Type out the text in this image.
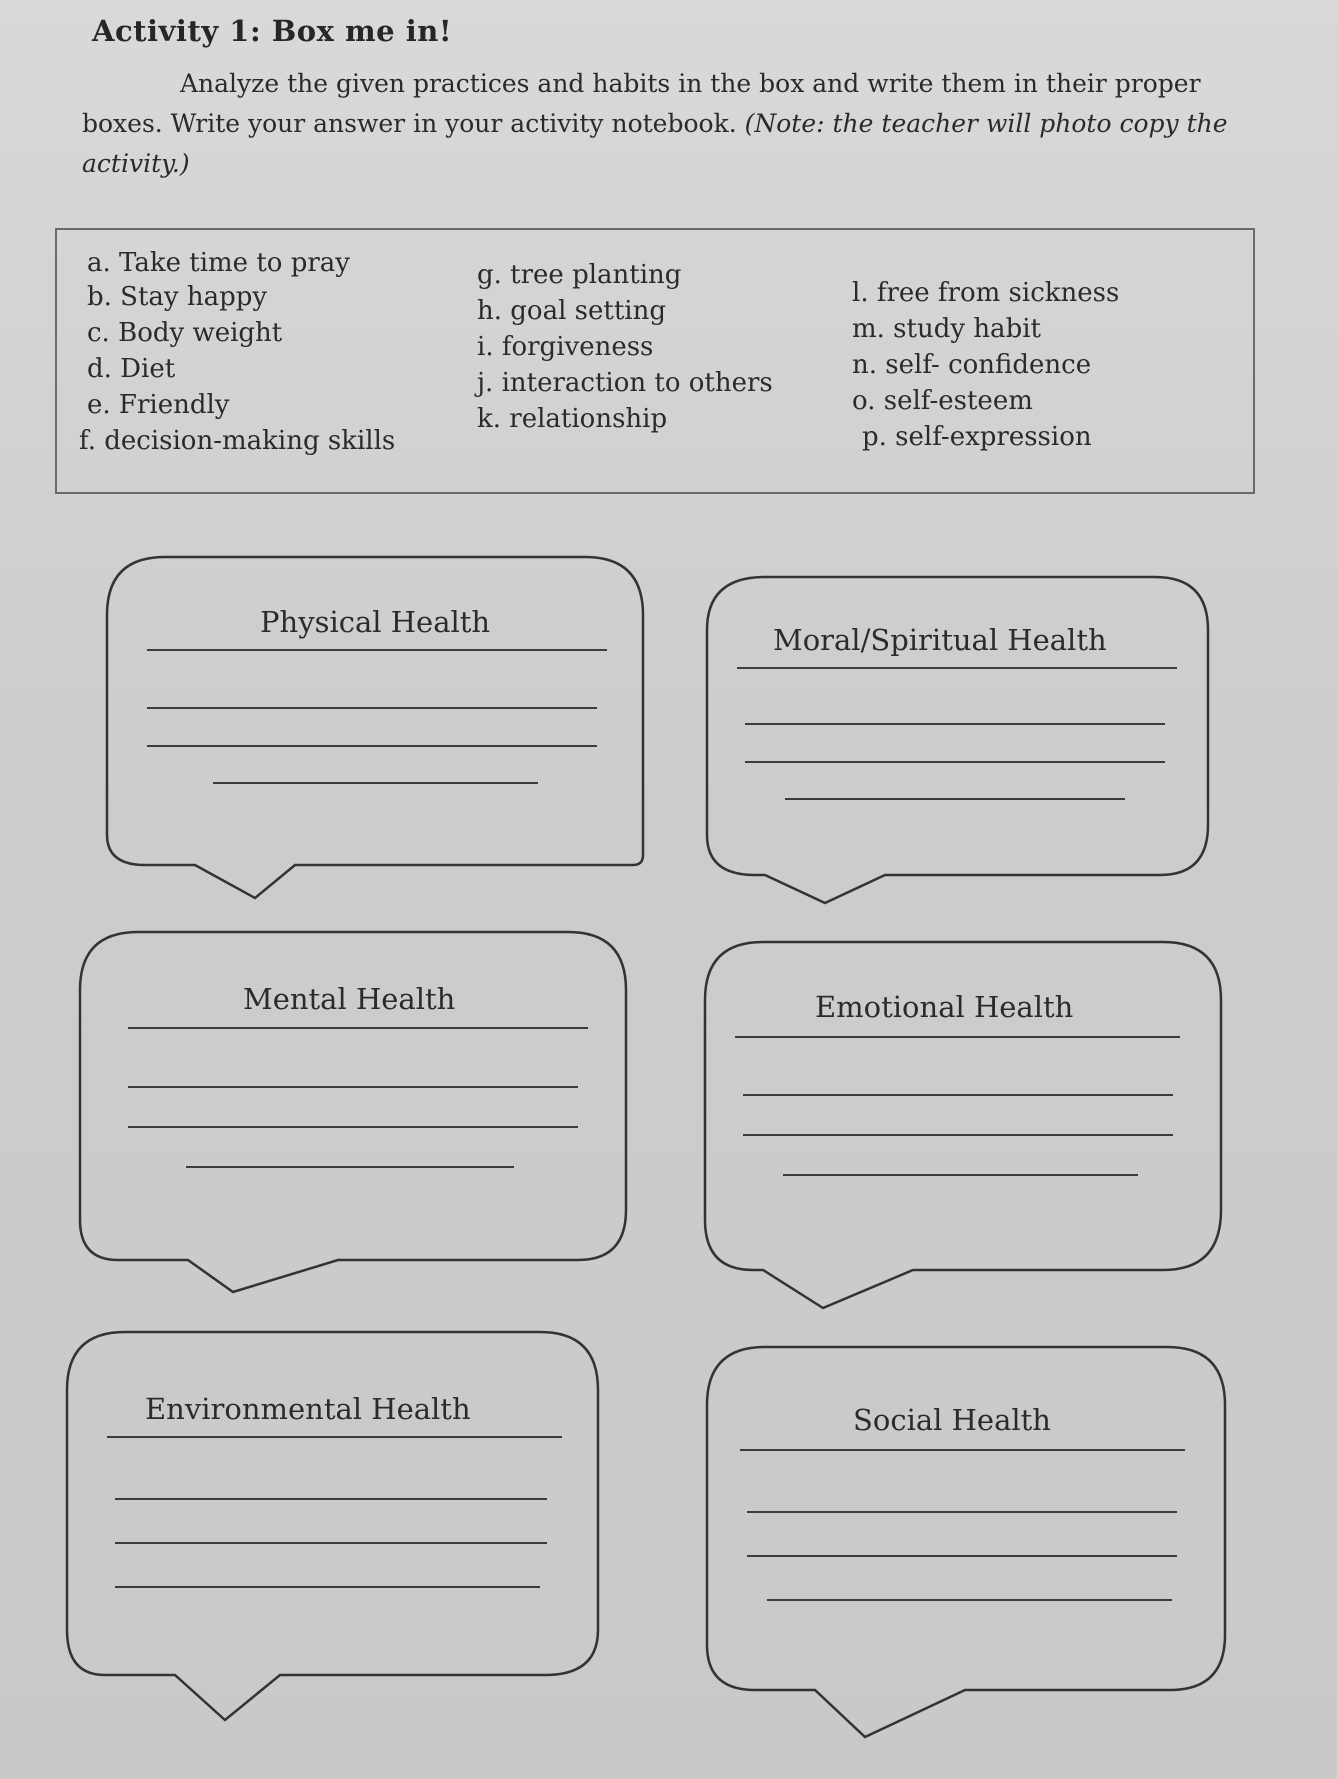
Activity 1: Box me in!
Analyze the given practices and habits in the box and write them in their proper boxes. Write your answer in your activity notebook. (Note: the teacher will photo copy the activity.)
a. Take time to pray
b. Stay happy
c. Body weight
d. Diet
e. Friendly
f. decision-making skills
g. tree planting
h. goal setting
i. forgiveness
j. interaction to others
k. relationship
l. free from sickness
m. study habit
n. self- confidence
o. self-esteem
p. self-expression
Physical Health
Moral/Spiritual Health
Mental Health	Emotional Health
Environmental Health	Social Health
